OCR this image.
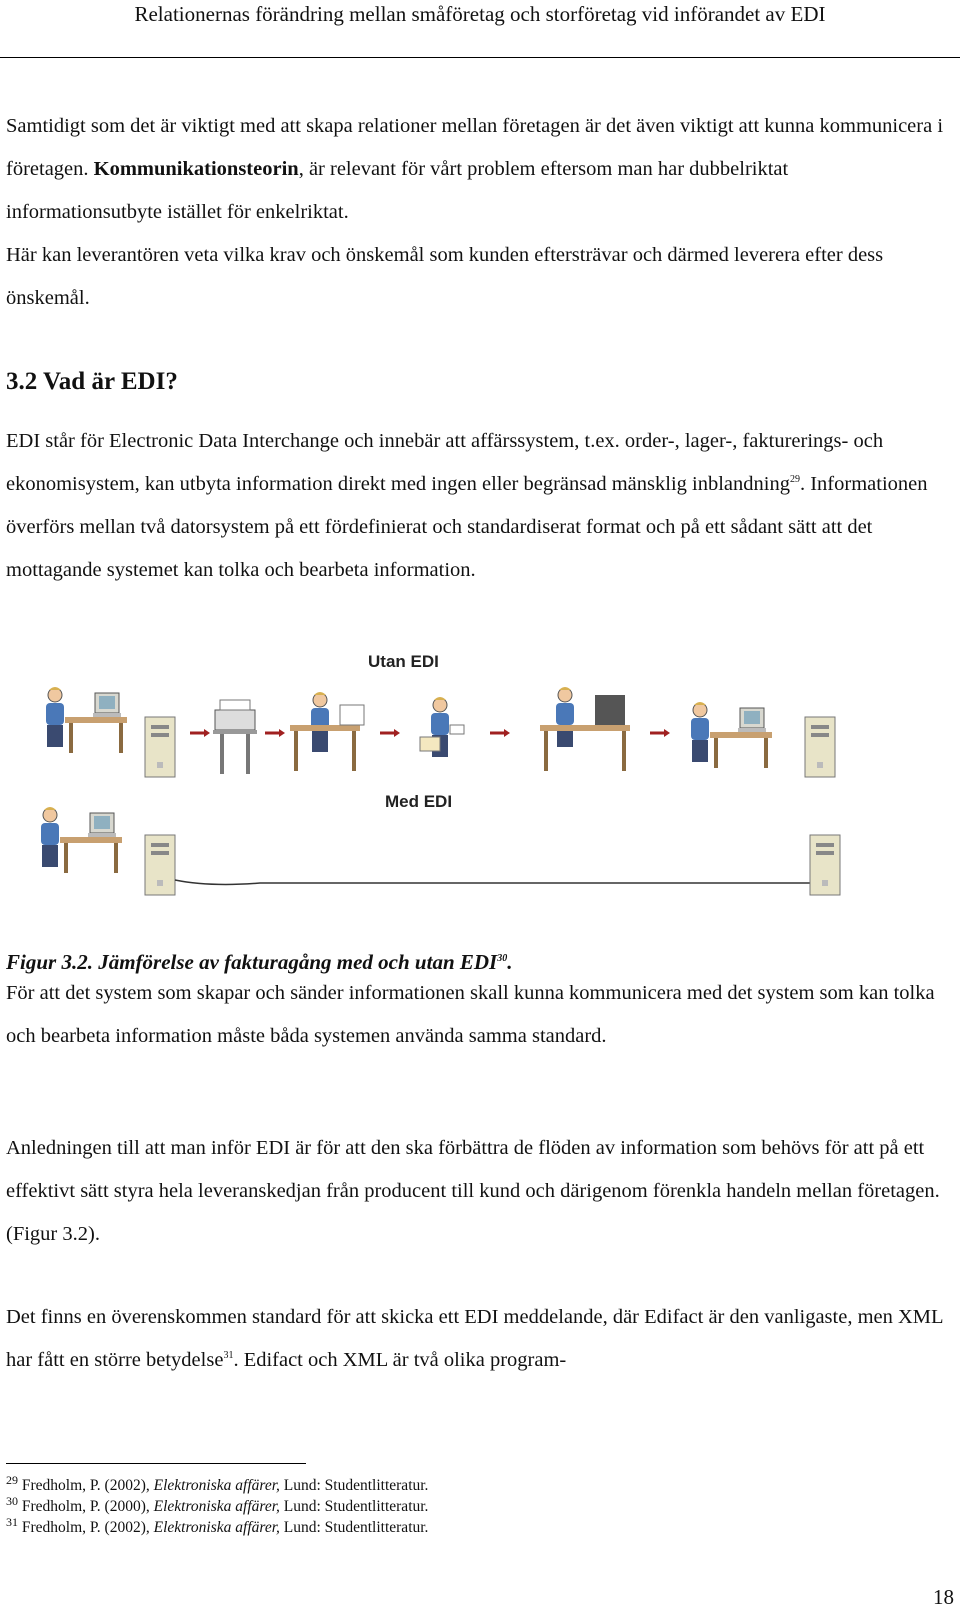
Relationernas förändring mellan småföretag och storföretag vid införandet av EDI

Samtidigt som det är viktigt med att skapa relationer mellan företagen är det även viktigt att kunna kommunicera i företagen. Kommunikationsteorin, är relevant för vårt problem eftersom man har dubbelriktat informationsutbyte istället för enkelriktat.
Här kan leverantören veta vilka krav och önskemål som kunden eftersträvar och därmed leverera efter dess önskemål.

3.2 Vad är EDI?

EDI står för Electronic Data Interchange och innebär att affärssystem, t.ex. order-, lager-, fakturerings- och ekonomisystem, kan utbyta information direkt med ingen eller begränsad mänsklig inblandning$^{29}$. Informationen överförs mellan två datorsystem på ett fördefinierat och standardiserat format och på ett sådant sätt att det mottagande systemet kan tolka och bearbeta information.

Utan EDI
Med EDI

Figur 3.2. Jämförelse av fakturagång med och utan EDI$^{30}$.

För att det system som skapar och sänder informationen skall kunna kommunicera med det system som kan tolka och bearbeta information måste båda systemen använda samma standard.

Anledningen till att man inför EDI är för att den ska förbättra de flöden av information som behövs för att på ett effektivt sätt styra hela leveranskedjan från producent till kund och därigenom förenkla handeln mellan företagen. (Figur 3.2).

Det finns en överenskommen standard för att skicka ett EDI meddelande, där Edifact är den vanligaste, men XML har fått en större betydelse$^{31}$. Edifact och XML är två olika program-

$^{29}$ Fredholm, P. (2002), Elektroniska affärer, Lund: Studentlitteratur.
$^{30}$ Fredholm, P. (2000), Elektroniska affärer, Lund: Studentlitteratur.
$^{31}$ Fredholm, P. (2002), Elektroniska affärer, Lund: Studentlitteratur.
18
